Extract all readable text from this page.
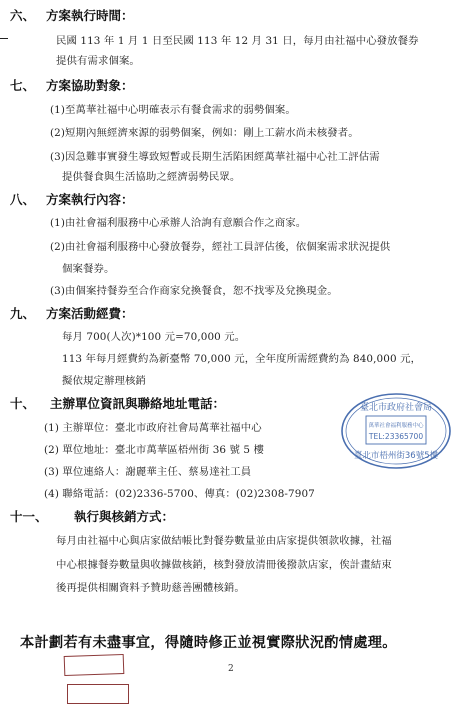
六、 方案執行時間：
民國 113 年 1 月 1 日至民國 113 年 12 月 31 日，每月由社福中心發放餐券
提供有需求個案。
七、 方案協助對象：
(1)至萬華社福中心明確表示有餐食需求的弱勢個案。
(2)短期內無經濟來源的弱勢個案，例如：剛上工薪水尚未核發者。
(3)因急難事實發生導致短暫或長期生活陷困經萬華社福中心社工評估需
提供餐食與生活協助之經濟弱勢民眾。
八、 方案執行內容：
(1)由社會福利服務中心承辦人洽詢有意願合作之商家。
(2)由社會福利服務中心發放餐券，經社工員評估後，依個案需求狀況提供
個案餐券。
(3)由個案持餐券至合作商家兌換餐食，恕不找零及兌換現金。
九、 方案活動經費：
每月 700(人次)*100 元=70,000 元。
113 年每月經費約為新臺幣 70,000 元，全年度所需經費約為 840,000 元，
擬依規定辦理核銷
十、 主辦單位資訊與聯絡地址電話：
(1) 主辦單位：臺北市政府社會局萬華社福中心
(2) 單位地址：臺北市萬華區梧州街 36 號 5 樓
(3) 單位連絡人：謝麗華主任、蔡易達社工員
(4) 聯絡電話：(02)2336-5700、傳真：(02)2308-7907
臺北市政府社會局
萬華社會福利服務中心
TEL:23365700
臺北市梧州街36號5樓
十一、 執行與核銷方式：
每月由社福中心與店家做結帳比對餐券數量並由店家提供領款收據，社福
中心根據餐券數量與收據做核銷，核對發放清冊後撥款店家，俟計畫結束
後再提供相關資料予贊助慈善團體核銷。
本計劃若有未盡事宜，得隨時修正並視實際狀況酌情處理。
2
